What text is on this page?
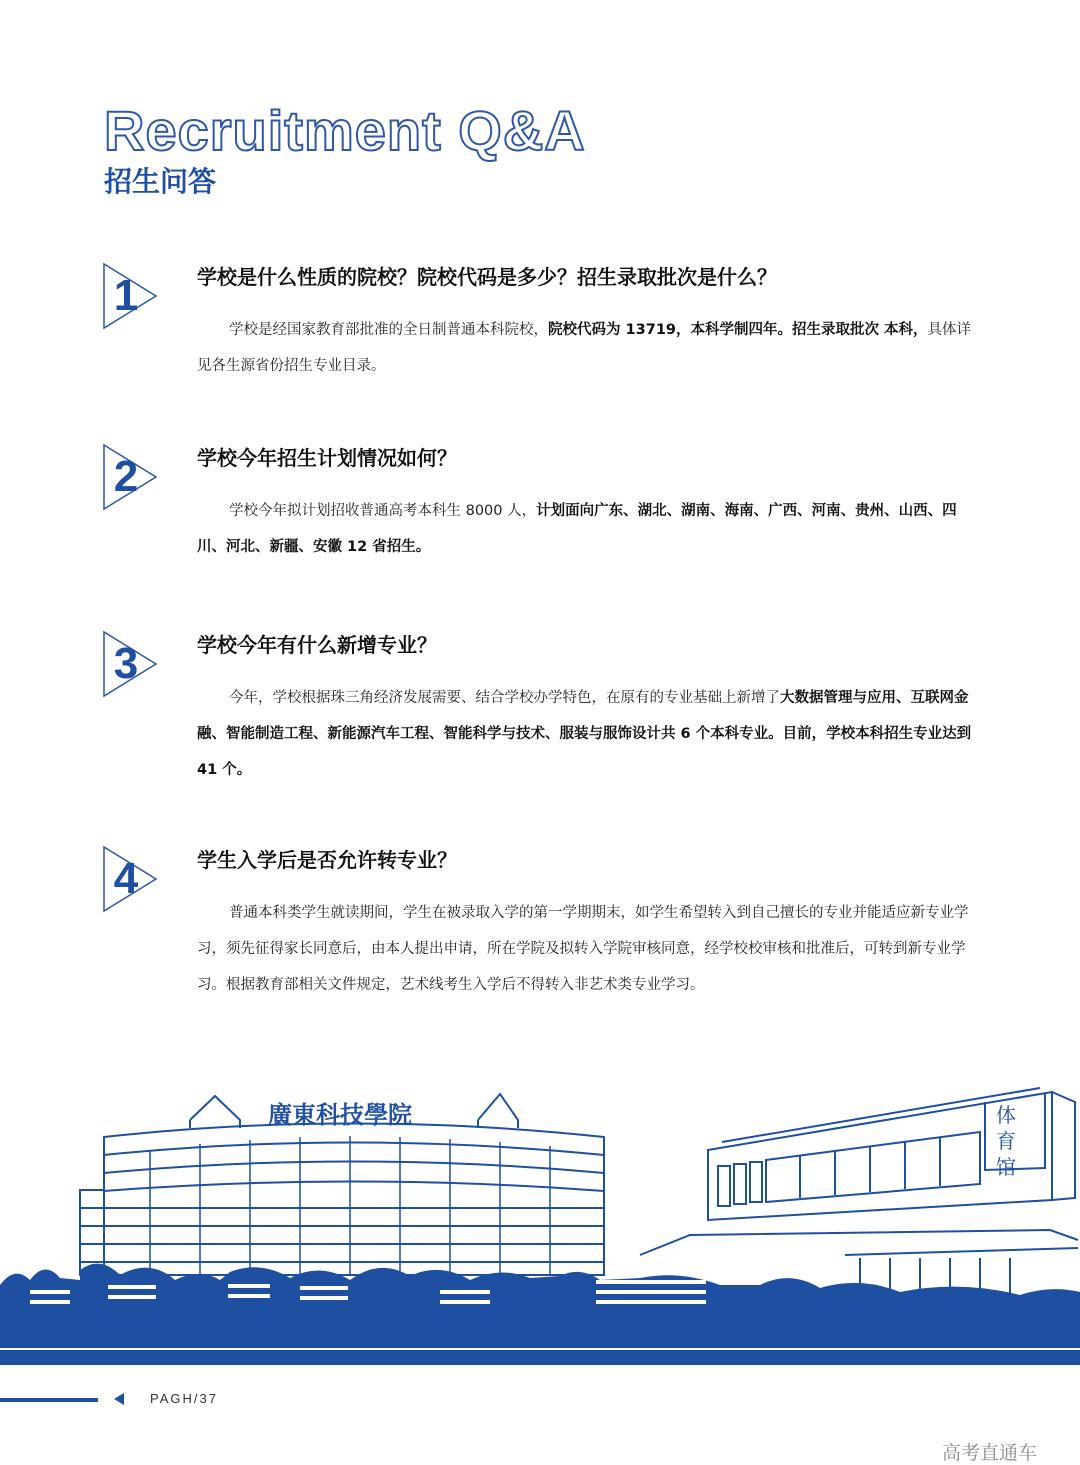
Recruitment Q&A
招生问答
1	学校是什么性质的院校？院校代码是多少？招生录取批次是什么？
学校是经国家教育部批准的全日制普通本科院校，院校代码为 13719，本科学制四年。招生录取批次 本科，具体详见各生源省份招生专业目录。
2	学校今年招生计划情况如何？
学校今年拟计划招收普通高考本科生 8000 人，计划面向广东、湖北、湖南、海南、广西、河南、贵州、山西、四川、河北、新疆、安徽 12 省招生。
3	学校今年有什么新增专业？
今年，学校根据珠三角经济发展需要、结合学校办学特色，在原有的专业基础上新增了大数据管理与应用、互联网金融、智能制造工程、新能源汽车工程、智能科学与技术、服装与服饰设计共 6 个本科专业。目前，学校本科招生专业达到 41 个。
4	学生入学后是否允许转专业？
普通本科类学生就读期间，学生在被录取入学的第一学期期末，如学生希望转入到自己擅长的专业并能适应新专业学习，须先征得家长同意后，由本人提出申请，所在学院及拟转入学院审核同意，经学校校审核和批准后，可转到新专业学习。根据教育部相关文件规定，艺术线考生入学后不得转入非艺术类专业学习。
廣東科技學院	体
育
馆
PAGH/37
高考直通车
